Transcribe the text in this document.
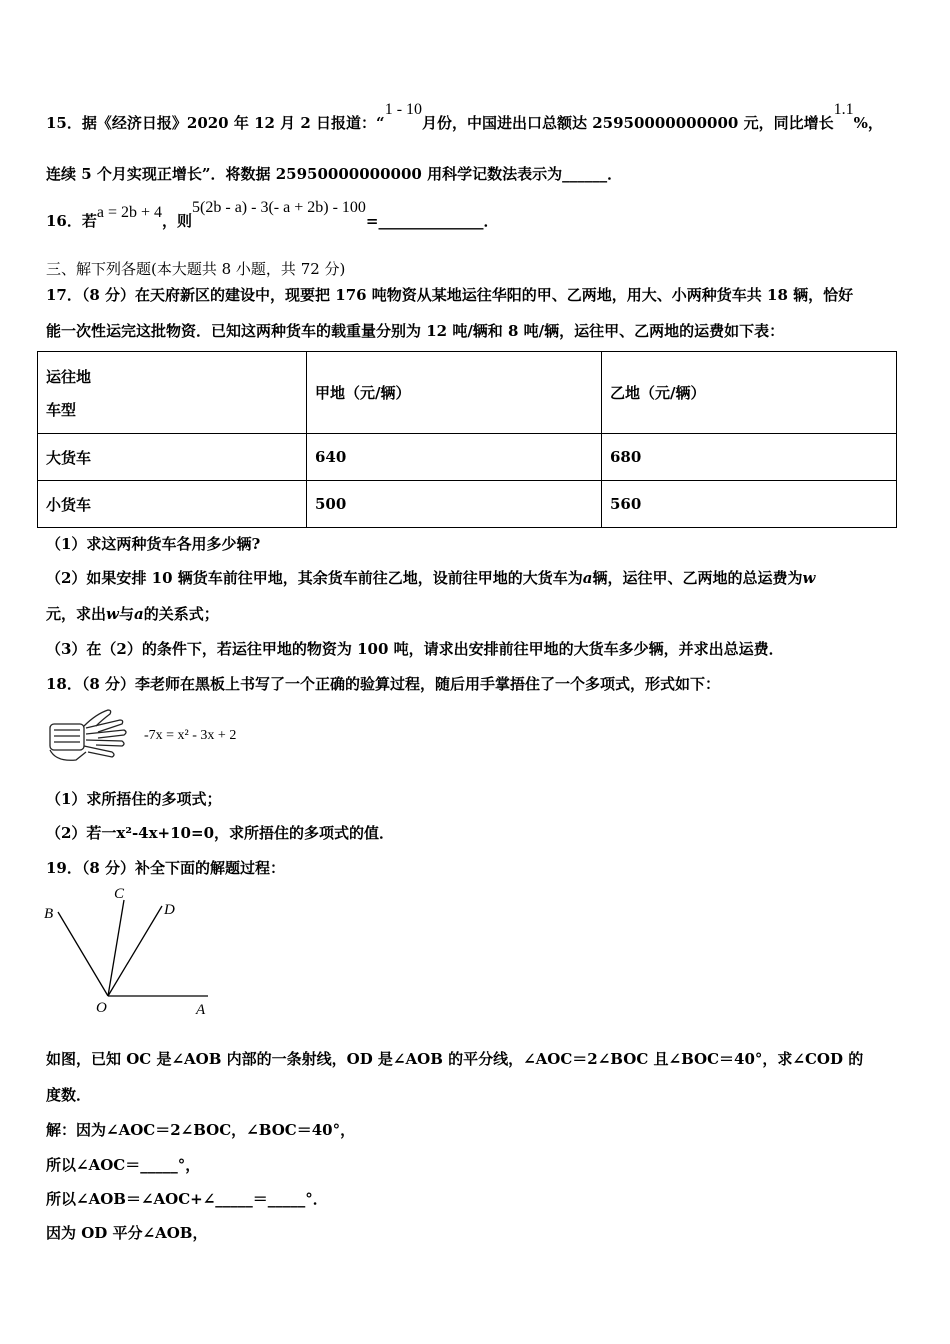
15．据《经济日报》2020 年 12 月 2 日报道：“1 - 10月份，中国进出口总额达 25950000000000 元，同比增长1.1%，
连续 5 个月实现正增长”．将数据 25950000000000 用科学记数法表示为______．
16．若a = 2b + 4，则5(2b - a) - 3(- a + 2b) - 100=______________．
三、解下列各题(本大题共 8 小题，共 72 分)
17．（8 分）在天府新区的建设中，现要把 176 吨物资从某地运往华阳的甲、乙两地，用大、小两种货车共 18 辆，恰好
能一次性运完这批物资．已知这两种货车的载重量分别为 12 吨/辆和 8 吨/辆，运往甲、乙两地的运费如下表：
运往地
车型	甲地（元/辆）	乙地（元/辆）
大货车	640	680
小货车	500	560
（1）求这两种货车各用多少辆?
（2）如果安排 10 辆货车前往甲地，其余货车前往乙地，设前往甲地的大货车为a辆，运往甲、乙两地的总运费为w
元，求出w与a的关系式；
（3）在（2）的条件下，若运往甲地的物资为 100 吨，请求出安排前往甲地的大货车多少辆，并求出总运费．
18．（8 分）李老师在黑板上书写了一个正确的验算过程，随后用手掌捂住了一个多项式，形式如下：
-7x = x² - 3x + 2
（1）求所捂住的多项式；
（2）若一x²-4x+10=0，求所捂住的多项式的值．
19．（8 分）补全下面的解题过程：
B
C
D
O	A
如图，已知 OC 是∠AOB 内部的一条射线，OD 是∠AOB 的平分线，∠AOC＝2∠BOC 且∠BOC＝40°，求∠COD 的
度数．
解：因为∠AOC＝2∠BOC，∠BOC＝40°，
所以∠AOC＝_____°，
所以∠AOB＝∠AOC+∠_____＝_____°．
因为 OD 平分∠AOB，
